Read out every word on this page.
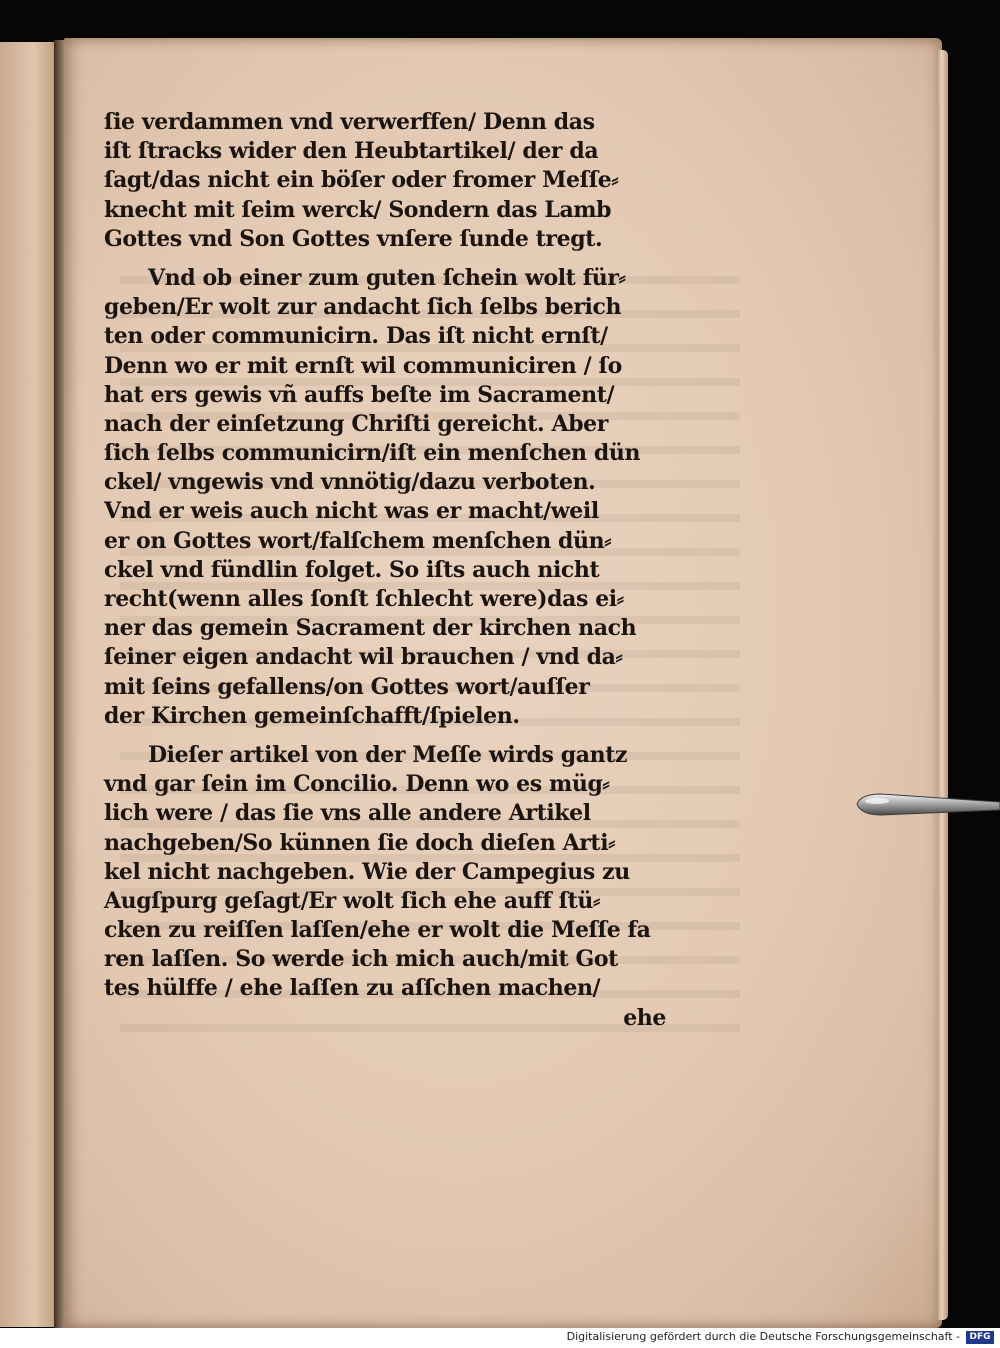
ſie verdammen vnd verwerffen/ Denn das
iſt ſtracks wider den Heubtartikel/ der da
ſagt/das nicht ein böſer oder fromer Meſſe⸗
knecht mit ſeim werck/ Sondern das Lamb
Gottes vnd Son Gottes vnſere ſunde tregt.
Vnd ob einer zum guten ſchein wolt für⸗
geben/Er wolt zur andacht ſich ſelbs berich
ten oder communicirn. Das iſt nicht ernſt/
Denn wo er mit ernſt wil communiciren / ſo
hat ers gewis vñ auffs beſte im Sacrament/
nach der einſetzung Chriſti gereicht. Aber
ſich ſelbs communicirn/iſt ein menſchen dün
ckel/ vngewis vnd vnnötig/dazu verboten.
Vnd er weis auch nicht was er macht/weil
er on Gottes wort/falſchem menſchen dün⸗
ckel vnd fündlin folget. So iſts auch nicht
recht(wenn alles ſonſt ſchlecht were)das ei⸗
ner das gemein Sacrament der kirchen nach
ſeiner eigen andacht wil brauchen / vnd da⸗
mit ſeins gefallens/on Gottes wort/auſſer
der Kirchen gemeinſchafft/ſpielen.
Dieſer artikel von der Meſſe wirds gantz
vnd gar ſein im Concilio. Denn wo es müg⸗
lich were / das ſie vns alle andere Artikel
nachgeben/So künnen ſie doch dieſen Arti⸗
kel nicht nachgeben. Wie der Campegius zu
Augſpurg geſagt/Er wolt ſich ehe auff ſtü⸗
cken zu reiſſen laſſen/ehe er wolt die Meſſe fa
ren laſſen. So werde ich mich auch/mit Got
tes hülffe / ehe laſſen zu aſſchen machen/
ehe
Digitalisierung gefördert durch die Deutsche Forschungsgemeinschaft -	DFG
